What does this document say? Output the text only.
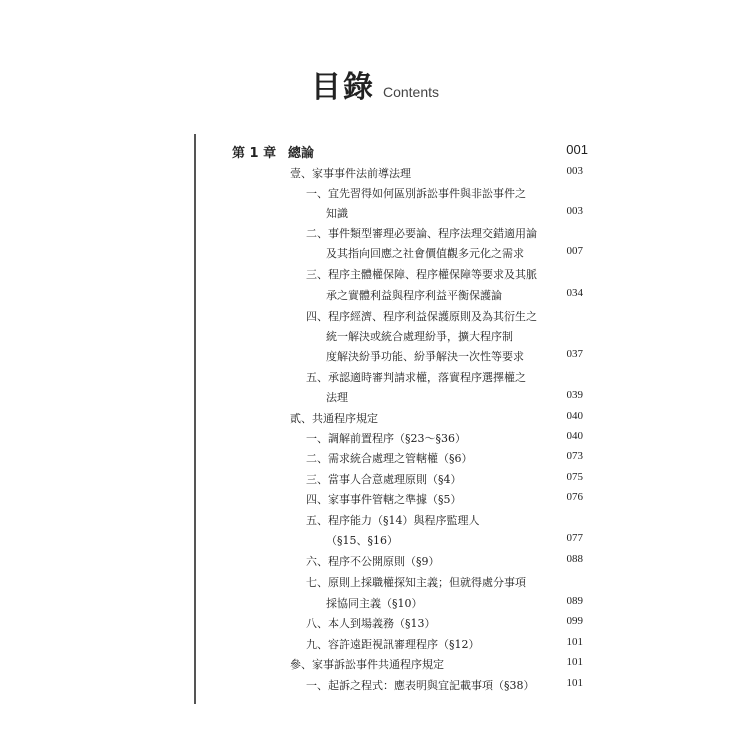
目錄 Contents
第 1 章 總論	001
壹、家事事件法前導法理	003
一、宜先習得如何區別訴訟事件與非訟事件之
知識	003
二、事件類型審理必要論、程序法理交錯適用論
及其指向回應之社會價值觀多元化之需求	007
三、程序主體權保障、程序權保障等要求及其脈
承之實體利益與程序利益平衡保護論	034
四、程序經濟、程序利益保護原則及為其衍生之
統一解決或統合處理紛爭，擴大程序制
度解決紛爭功能、紛爭解決一次性等要求	037
五、承認適時審判請求權，落實程序選擇權之
法理	039
貳、共通程序規定	040
一、調解前置程序（§23～§36）	040
二、需求統合處理之管轄權（§6）	073
三、當事人合意處理原則（§4）	075
四、家事事件管轄之準據（§5）	076
五、程序能力（§14）與程序監理人
（§15、§16）	077
六、程序不公開原則（§9）	088
七、原則上採職權探知主義；但就得處分事項
採協同主義（§10）	089
八、本人到場義務（§13）	099
九、容許遠距視訊審理程序（§12）	101
參、家事訴訟事件共通程序規定	101
一、起訴之程式：應表明與宜記載事項（§38）	101
